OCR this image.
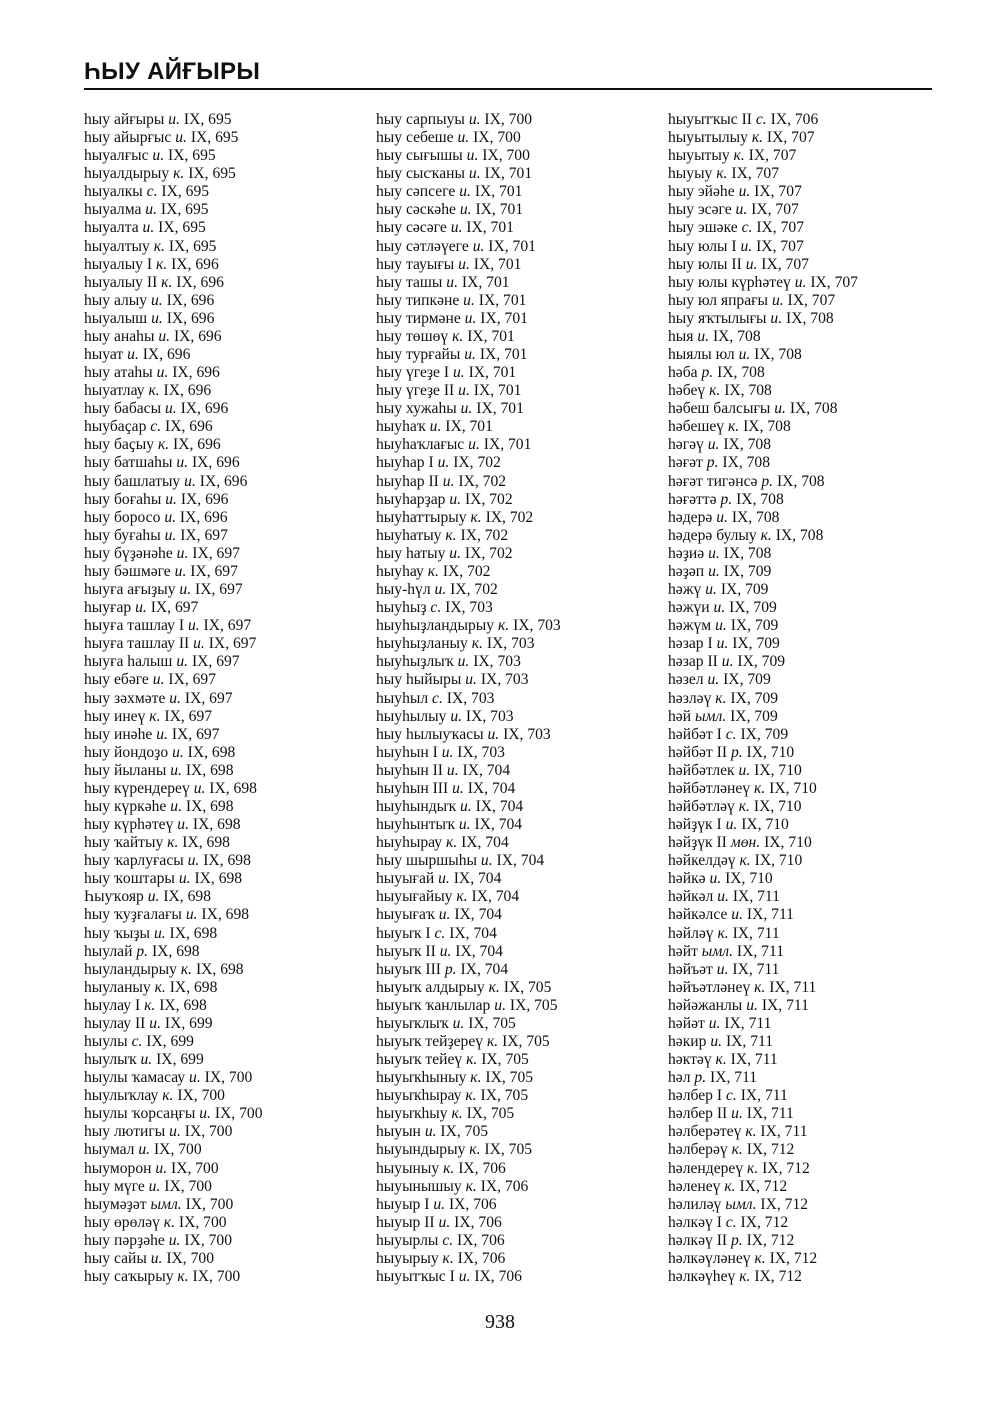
ҺЫУ АЙҒЫРЫ
һыу айғыры и. IX, 695
һыу айырғыс и. IX, 695
һыуалғыс и. IX, 695
һыуалдырыу к. IX, 695
һыуалкы с. IX, 695
һыуалма и. IX, 695
һыуалта и. IX, 695
һыуалтыу к. IX, 695
һыуалыу I к. IX, 696
һыуалыу II к. IX, 696
һыу алыу и. IX, 696
һыуалыш и. IX, 696
һыу анаһы и. IX, 696
һыуат и. IX, 696
һыу атаһы и. IX, 696
һыуатлау к. IX, 696
һыу бабасы и. IX, 696
һыубаҫар с. IX, 696
һыу баҫыу к. IX, 696
һыу батшаһы и. IX, 696
һыу башлатыу и. IX, 696
һыу боғаһы и. IX, 696
һыу боросо и. IX, 696
һыу буғаһы и. IX, 697
һыу бүҙәнәһе и. IX, 697
һыу бәшмәге и. IX, 697
һыуға ағыҙыу и. IX, 697
һыуғар и. IX, 697
һыуға ташлау I и. IX, 697
һыуға ташлау II и. IX, 697
һыуға һалыш и. IX, 697
һыу ебәге и. IX, 697
һыу зәхмәте и. IX, 697
һыу инеү к. IX, 697
һыу инәһе и. IX, 697
һыу йондоҙо и. IX, 698
һыу йыланы и. IX, 698
һыу күрендереү и. IX, 698
һыу күркәһе и. IX, 698
һыу күрһәтеү и. IX, 698
һыу ҡайтыу к. IX, 698
һыу ҡарлуғасы и. IX, 698
һыу ҡоштары и. IX, 698
Һыуҡояр и. IX, 698
һыу ҡуҙғалағы и. IX, 698
һыу ҡыҙы и. IX, 698
һыулай р. IX, 698
һыуландырыу к. IX, 698
һыуланыу к. IX, 698
һыулау I к. IX, 698
һыулау II и. IX, 699
һыулы с. IX, 699
һыулыҡ и. IX, 699
һыулы ҡамасау и. IX, 700
һыулыҡлау к. IX, 700
һыулы ҡорсаңғы и. IX, 700
һыу лютигы и. IX, 700
һыумал и. IX, 700
һыуморон и. IX, 700
һыу мүге и. IX, 700
һыумәҙәт ымл. IX, 700
һыу өрөләү к. IX, 700
һыу пәрҙәһе и. IX, 700
һыу сайы и. IX, 700
һыу саҡырыу к. IX, 700
һыу сарпыуы и. IX, 700
һыу себеше и. IX, 700
һыу сығышы и. IX, 700
һыу сысҡаны и. IX, 701
һыу сәпсеге и. IX, 701
һыу сәскәһе и. IX, 701
һыу сәсәге и. IX, 701
һыу сәтләүеге и. IX, 701
һыу тауығы и. IX, 701
һыу ташы и. IX, 701
һыу типкәне и. IX, 701
һыу тирмәне и. IX, 701
һыу төшөү к. IX, 701
һыу турғайы и. IX, 701
һыу үгеҙе I и. IX, 701
һыу үгеҙе II и. IX, 701
һыу хужаһы и. IX, 701
һыуһаҡ и. IX, 701
һыуһаҡлағыс и. IX, 701
һыуһар I и. IX, 702
һыуһар II и. IX, 702
һыуһарҙар и. IX, 702
һыуһаттырыу к. IX, 702
һыуһатыу к. IX, 702
һыу һатыу и. IX, 702
һыуһау к. IX, 702
һыу-һүл и. IX, 702
һыуһыҙ с. IX, 703
һыуһыҙландырыу к. IX, 703
һыуһыҙланыу к. IX, 703
һыуһыҙлыҡ и. IX, 703
һыу һыйыры и. IX, 703
һыуһыл с. IX, 703
һыуһылыу и. IX, 703
һыу һылыуҡасы и. IX, 703
һыуһын I и. IX, 703
һыуһын II и. IX, 704
һыуһын III и. IX, 704
һыуһындыҡ и. IX, 704
һыуһынтыҡ и. IX, 704
һыуһырау к. IX, 704
һыу шыршыһы и. IX, 704
һыуығай и. IX, 704
һыуығайыу к. IX, 704
һыуығаҡ и. IX, 704
һыуыҡ I с. IX, 704
һыуыҡ II и. IX, 704
һыуыҡ III р. IX, 704
һыуыҡ алдырыу к. IX, 705
һыуыҡ ҡанлылар и. IX, 705
һыуыҡлыҡ и. IX, 705
һыуыҡ тейҙереү к. IX, 705
һыуыҡ тейеү к. IX, 705
һыуыҡһыныу к. IX, 705
һыуыҡһырау к. IX, 705
һыуыҡһыу к. IX, 705
һыуын и. IX, 705
һыуындырыу к. IX, 705
һыуыныу к. IX, 706
һыуынышыу к. IX, 706
һыуыр I и. IX, 706
һыуыр II и. IX, 706
һыуырлы с. IX, 706
һыуырыу к. IX, 706
һыуытҡыс I и. IX, 706
һыуытҡыс II с. IX, 706
һыуытылыу к. IX, 707
һыуытыу к. IX, 707
һыуыу к. IX, 707
һыу эйәһе и. IX, 707
һыу эсәге и. IX, 707
һыу эшәке с. IX, 707
һыу юлы I и. IX, 707
һыу юлы II и. IX, 707
һыу юлы күрһәтеү и. IX, 707
һыу юл япрағы и. IX, 707
һыу яҡтылығы и. IX, 708
һыя и. IX, 708
һыялы юл и. IX, 708
һәба р. IX, 708
һәбеү к. IX, 708
һәбеш балсығы и. IX, 708
һәбешеү к. IX, 708
һәгәү и. IX, 708
һәғәт р. IX, 708
һәғәт тигәнсә р. IX, 708
һәғәттә р. IX, 708
һәдерә и. IX, 708
һәдерә булыу к. IX, 708
һәҙиә и. IX, 708
һәҙәп и. IX, 709
һәжү и. IX, 709
һәжүи и. IX, 709
һәжүм и. IX, 709
һәзар I и. IX, 709
һәзар II и. IX, 709
һәзел и. IX, 709
һәзләү к. IX, 709
һәй ымл. IX, 709
һәйбәт I с. IX, 709
һәйбәт II р. IX, 710
һәйбәтлек и. IX, 710
һәйбәтләнеү к. IX, 710
һәйбәтләү к. IX, 710
һәйҙүк I и. IX, 710
һәйҙүк II мөн. IX, 710
һәйкелдәү к. IX, 710
һәйкә и. IX, 710
һәйкәл и. IX, 711
һәйкәлсе и. IX, 711
һәйләү к. IX, 711
һәйт ымл. IX, 711
һәйъәт и. IX, 711
һәйъәтләнеү к. IX, 711
һәйәжанлы и. IX, 711
һәйәт и. IX, 711
һәкир и. IX, 711
һәктәү к. IX, 711
һәл р. IX, 711
һәлбер I с. IX, 711
һәлбер II и. IX, 711
һәлберәтеү к. IX, 711
һәлберәү к. IX, 712
һәлендереү к. IX, 712
һәленеү к. IX, 712
һәлилә̣ү ымл. IX, 712
һәлкәү I с. IX, 712
һәлкәү II р. IX, 712
һәлкәүләнеү к. IX, 712
һәлкәүһеү к. IX, 712
938
